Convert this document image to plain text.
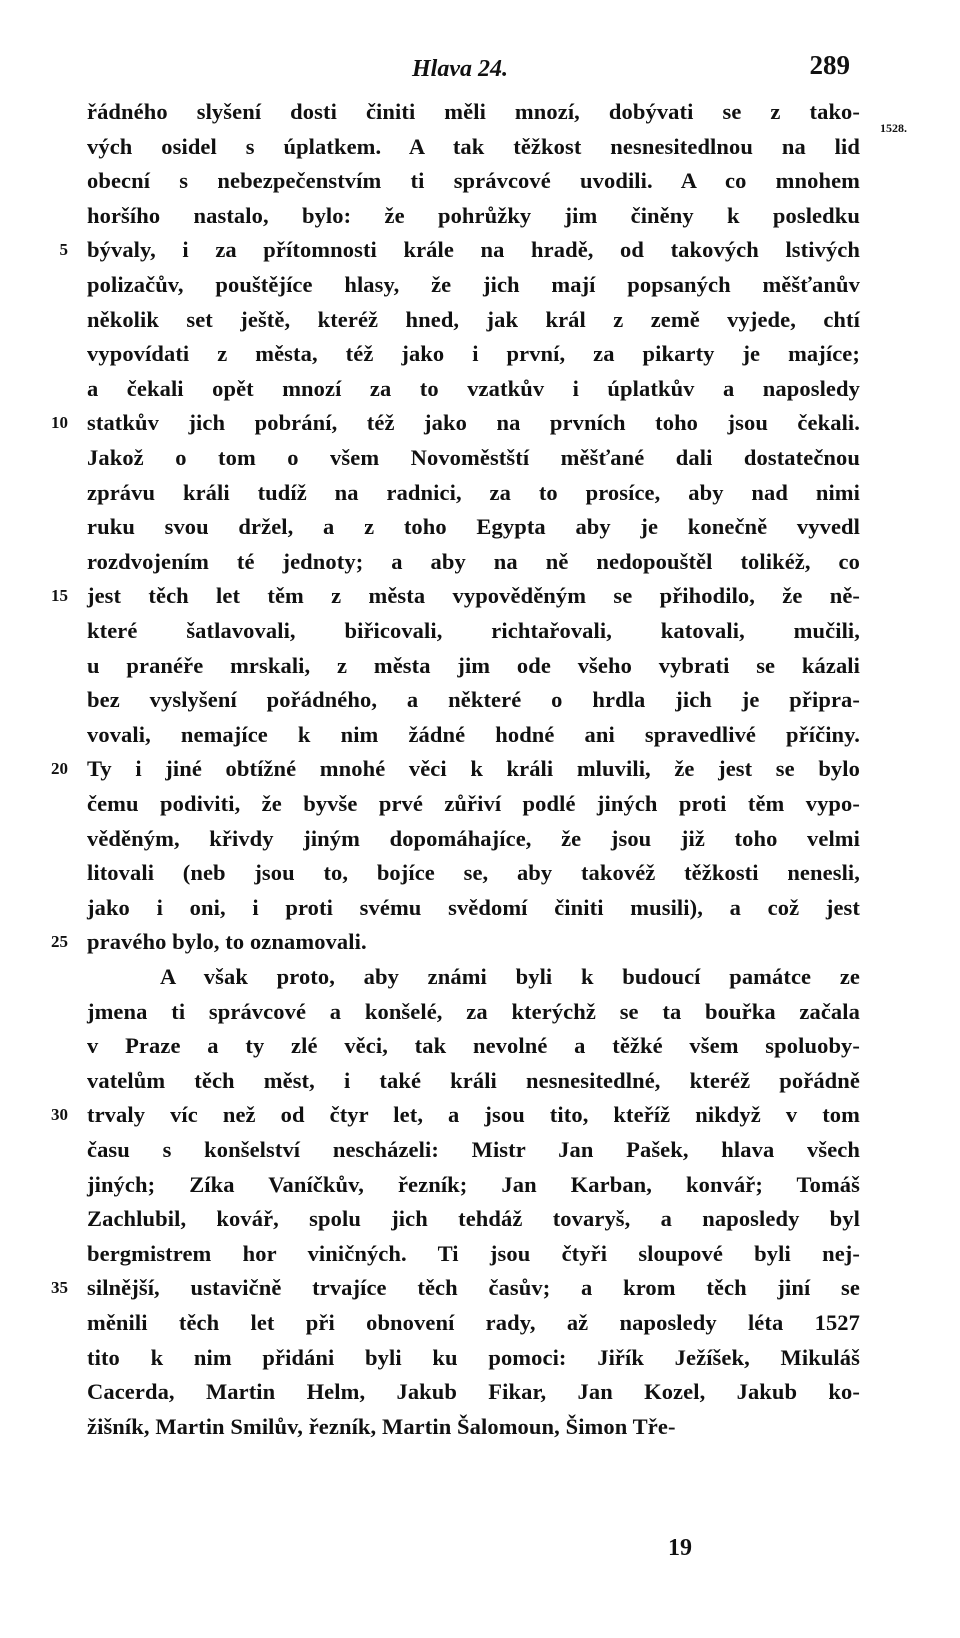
Hlava 24.	289
1528.
řádného slyšení dosti činiti měli mnozí, dobývati se z tako-
vých osidel s úplatkem. A tak těžkost nesnesitedlnou na lid
obecní s nebezpečenstvím ti správcové uvodili. A co mnohem
horšího nastalo, bylo: že pohrůžky jim činěny k posledku
bývaly, i za přítomnosti krále na hradě, od takových lstivých
polizačův, pouštějíce hlasy, že jich mají popsaných měšťanův
několik set ještě, kteréž hned, jak král z země vyjede, chtí
vypovídati z města, též jako i první, za pikarty je majíce;
a čekali opět mnozí za to vzatkův i úplatkův a naposledy
statkův jich pobrání, též jako na prvních toho jsou čekali.
Jakož o tom o všem Novoměstští měšťané dali dostatečnou
zprávu králi tudíž na radnici, za to prosíce, aby nad nimi
ruku svou držel, a z toho Egypta aby je konečně vyvedl
rozdvojením té jednoty; a aby na ně nedopouštěl tolikéž, co
jest těch let těm z města vypověděným se přihodilo, že ně-
které šatlavovali, biřicovali, richtařovali, katovali, mučili,
u pranéře mrskali, z města jim ode všeho vybrati se kázali
bez vyslyšení pořádného, a některé o hrdla jich je připra-
vovali, nemajíce k nim žádné hodné ani spravedlivé příčiny.
Ty i jiné obtížné mnohé věci k králi mluvili, že jest se bylo
čemu podiviti, že byvše prvé zůřiví podlé jiných proti těm vypo-
věděným, křivdy jiným dopomáhajíce, že jsou již toho velmi
litovali (neb jsou to, bojíce se, aby takovéž těžkosti nenesli,
jako i oni, i proti svému svědomí činiti musili), a což jest
pravého bylo, to oznamovali.
A však proto, aby známi byli k budoucí památce ze
jmena ti správcové a konšelé, za kterýchž se ta bouřka začala
v Praze a ty zlé věci, tak nevolné a těžké všem spoluoby-
vatelům těch měst, i také králi nesnesitedlné, kteréž pořádně
trvaly víc než od čtyr let, a jsou tito, kteříž nikdyž v tom
času s konšelství nescházeli: Mistr Jan Pašek, hlava všech
jiných; Zíka Vaníčkův, řezník; Jan Karban, konvář; Tomáš
Zachlubil, kovář, spolu jich tehdáž tovaryš, a naposledy byl
bergmistrem hor viničných. Ti jsou čtyři sloupové byli nej-
silnější, ustavičně trvajíce těch časův; a krom těch jiní se
měnili těch let při obnovení rady, až naposledy léta 1527
tito k nim přidáni byli ku pomoci: Jiřík Ježíšek, Mikuláš
Cacerda, Martin Helm, Jakub Fikar, Jan Kozel, Jakub ko-
žišník, Martin Smilův, řezník, Martin Šalomoun, Šimon Tře-
5
10
15
20
25
30
35
19
